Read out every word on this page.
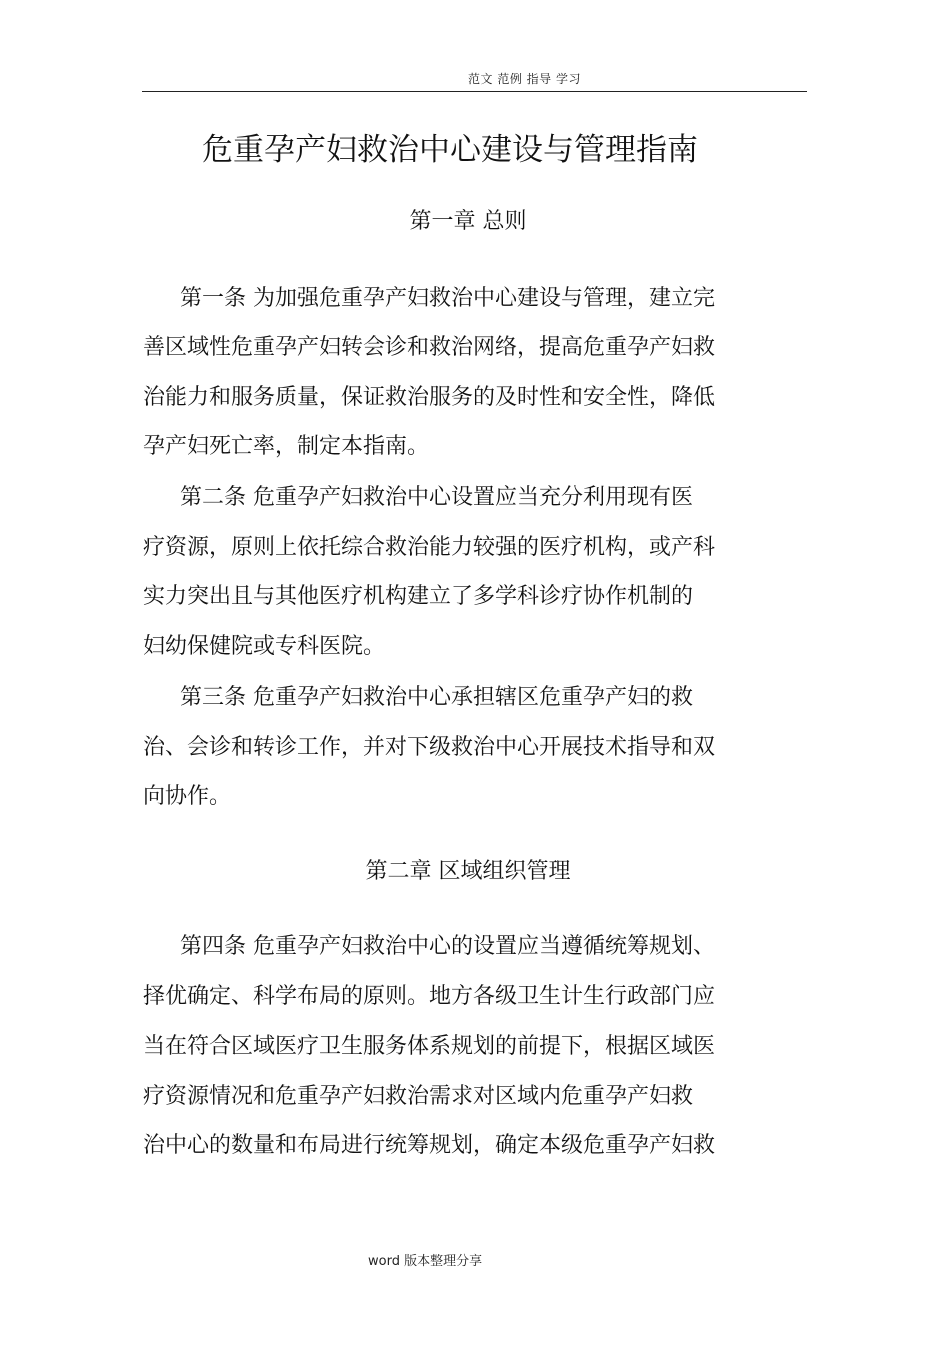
范文 范例 指导 学习
危重孕产妇救治中心建设与管理指南
第一章 总则
第一条 为加强危重孕产妇救治中心建设与管理，建立完
善区域性危重孕产妇转会诊和救治网络，提高危重孕产妇救
治能力和服务质量，保证救治服务的及时性和安全性，降低
孕产妇死亡率，制定本指南。
第二条 危重孕产妇救治中心设置应当充分利用现有医
疗资源，原则上依托综合救治能力较强的医疗机构，或产科
实力突出且与其他医疗机构建立了多学科诊疗协作机制的
妇幼保健院或专科医院。
第三条 危重孕产妇救治中心承担辖区危重孕产妇的救
治、会诊和转诊工作，并对下级救治中心开展技术指导和双
向协作。
第二章 区域组织管理
第四条 危重孕产妇救治中心的设置应当遵循统筹规划、
择优确定、科学布局的原则。地方各级卫生计生行政部门应
当在符合区域医疗卫生服务体系规划的前提下，根据区域医
疗资源情况和危重孕产妇救治需求对区域内危重孕产妇救
治中心的数量和布局进行统筹规划，确定本级危重孕产妇救
word 版本整理分享
